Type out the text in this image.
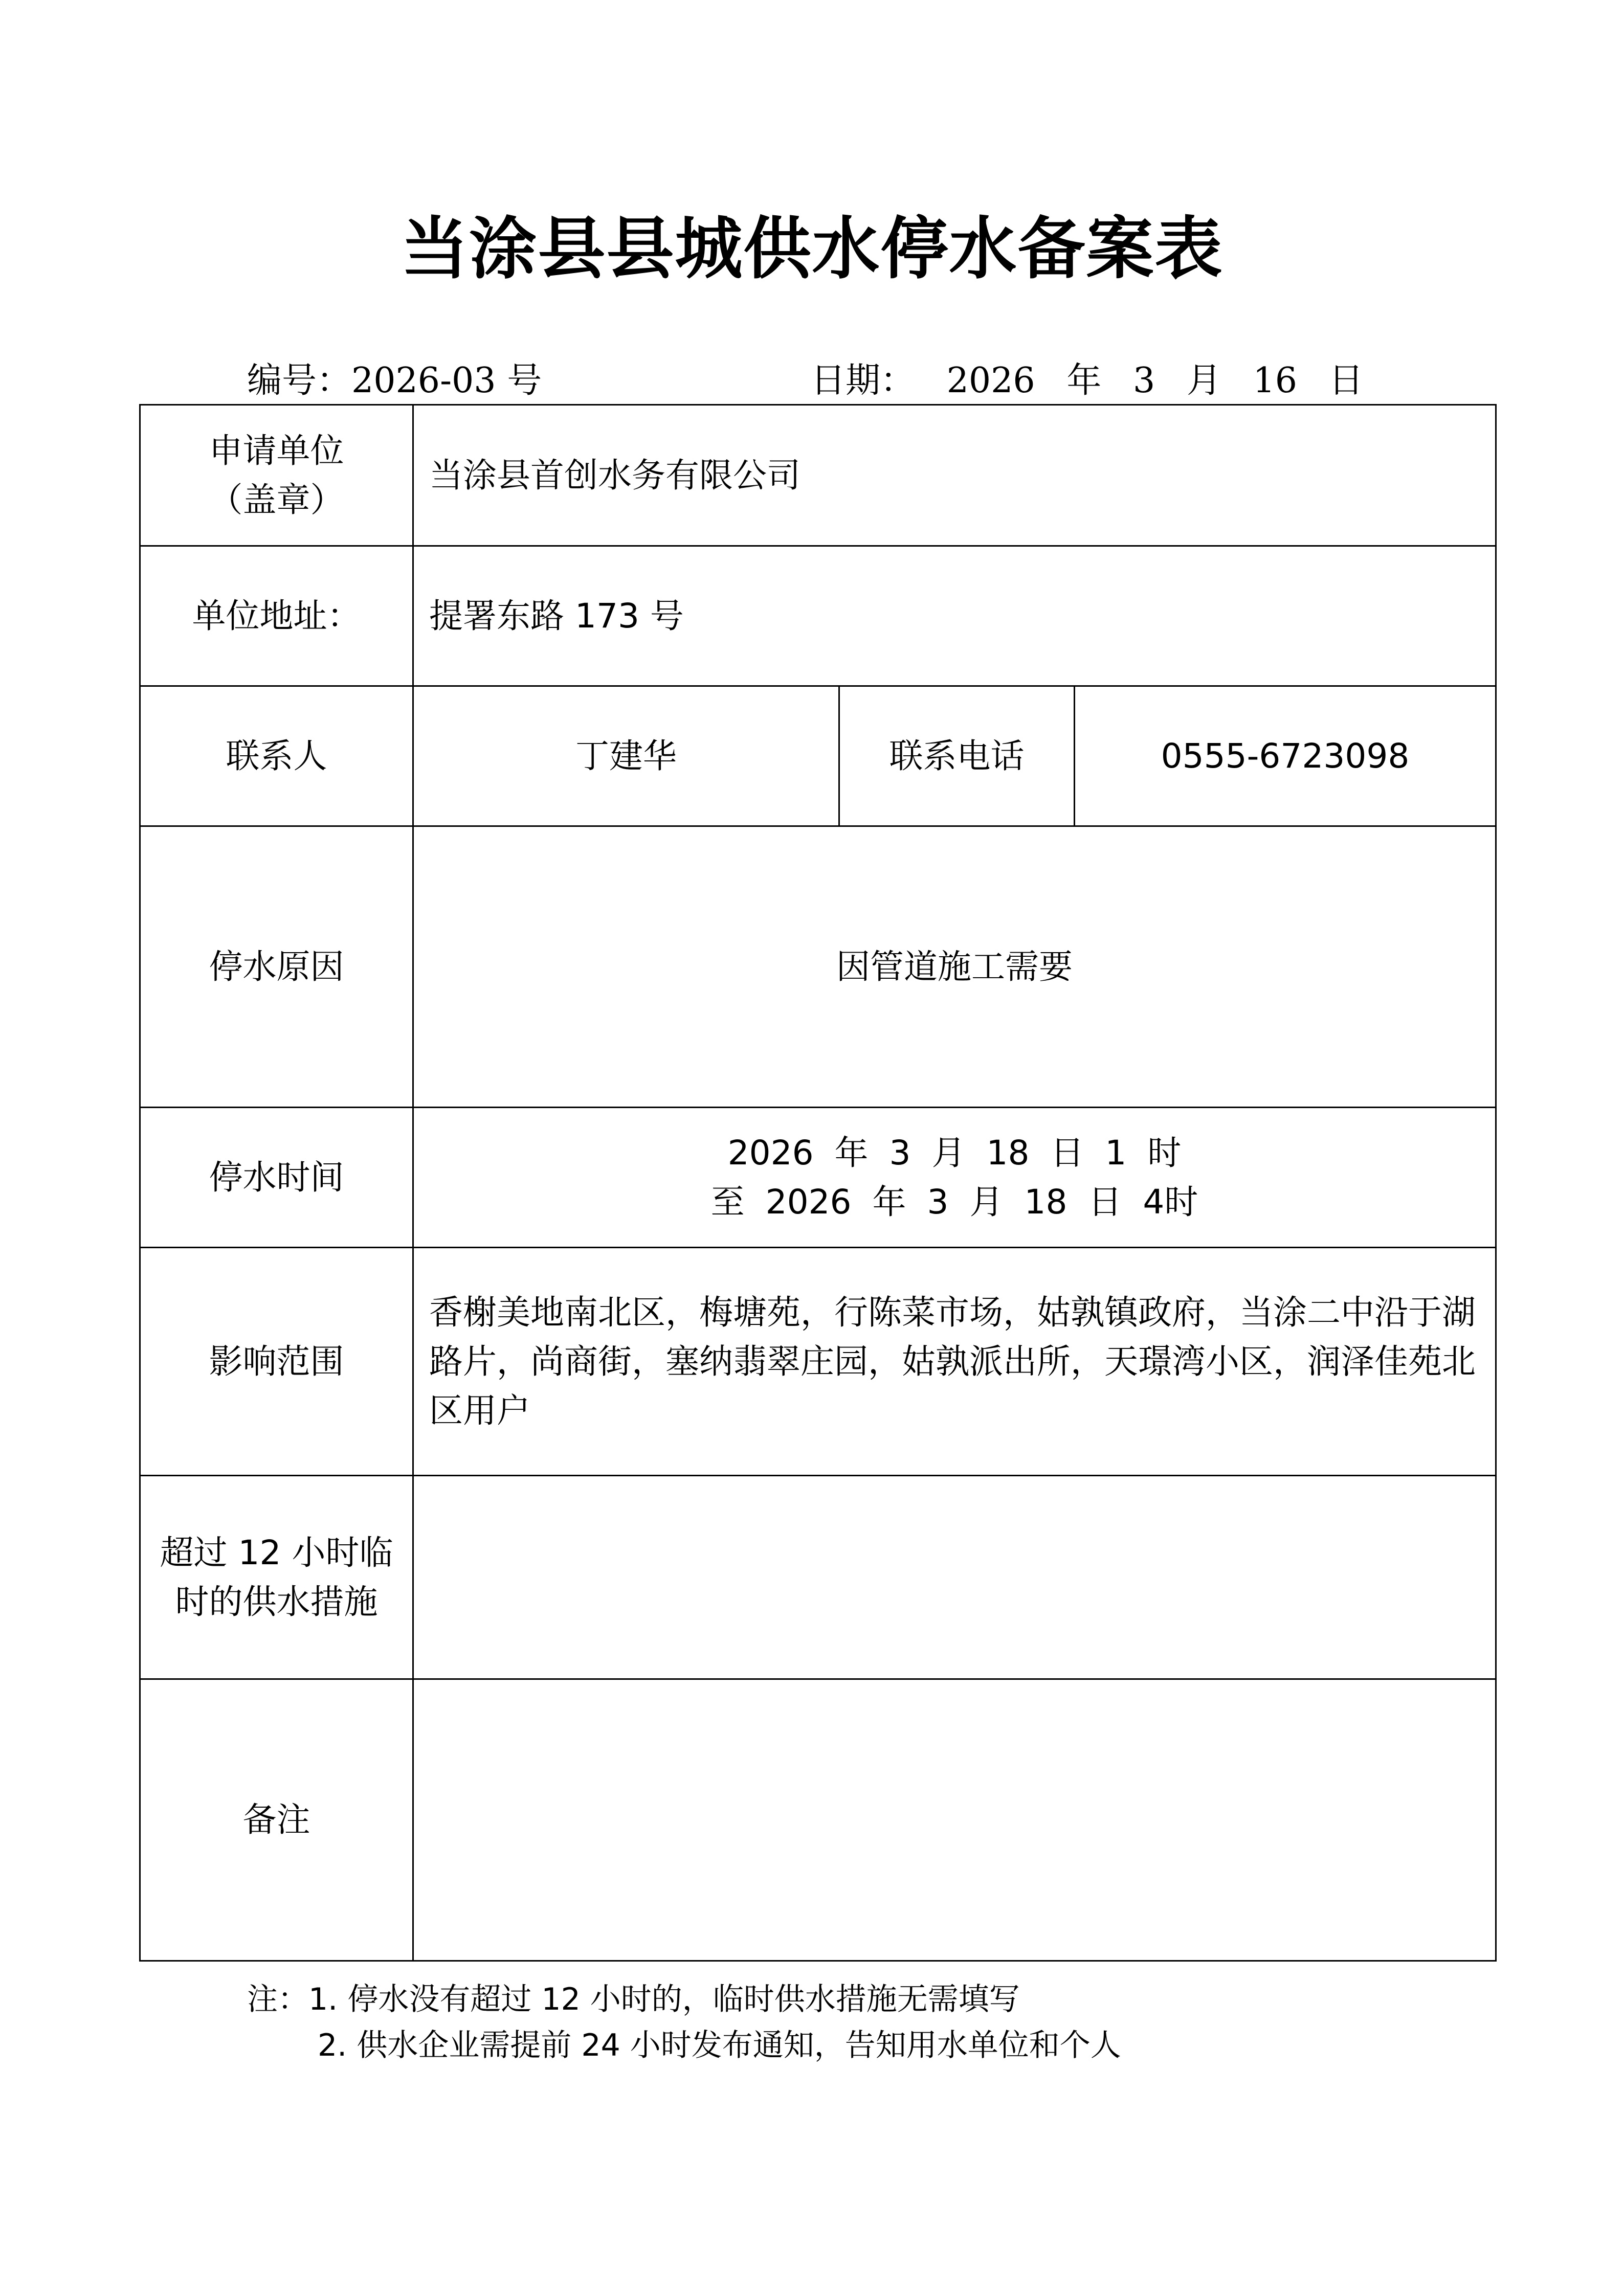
当涂县县城供水停水备案表
编号：2026-03 号	日期： 2026 年 3 月 16 日
申请单位
（盖章）	当涂县首创水务有限公司		
单位地址：	提署东路 173 号		
联系人	丁建华	联系电话	0555-6723098
停水原因	因管道施工需要		
停水时间	2026 年 3 月 18 日 1 时
至 2026 年 3 月 18 日 4时		

影响范围	香榭美地南北区，梅塘苑，行陈菜市场，姑孰镇政府，当涂二中沿于湖路片，尚商街，塞纳翡翠庄园，姑孰派出所，天璟湾小区，润泽佳苑北区用户		

超过 12 小时临
时的供水措施			

备注			
注：1. 停水没有超过 12 小时的，临时供水措施无需填写
2. 供水企业需提前 24 小时发布通知，告知用水单位和个人
